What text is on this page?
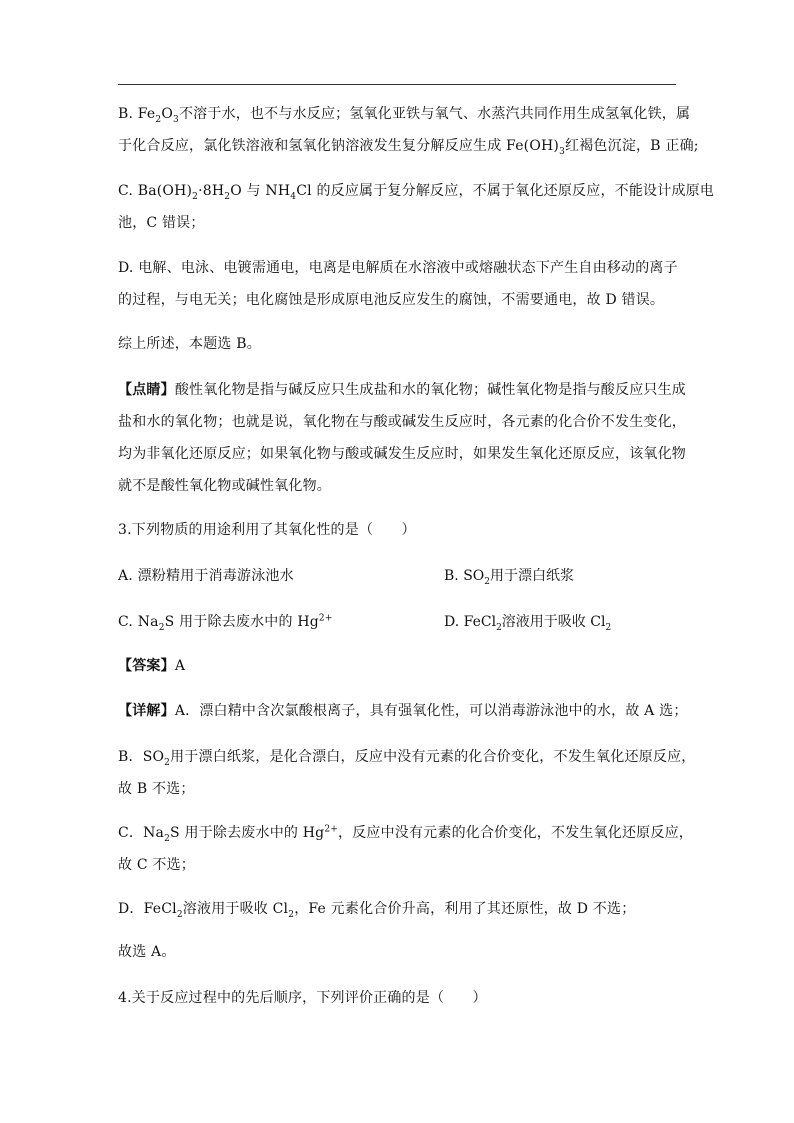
B. $Fe_2O_3$不溶于水，也不与水反应；氢氧化亚铁与氧气、水蒸汽共同作用生成氢氧化铁，属
于化合反应，氯化铁溶液和氢氧化钠溶液发生复分解反应生成 $Fe(OH)_3$红褐色沉淀，B 正确;
C. $Ba(OH)_2\cdot 8H_2O$ 与 $NH_4Cl$ 的反应属于复分解反应，不属于氧化还原反应，不能设计成原电
池，C 错误；
D. 电解、电泳、电镀需通电，电离是电解质在水溶液中或熔融状态下产生自由移动的离子
的过程，与电无关；电化腐蚀是形成原电池反应发生的腐蚀，不需要通电，故 D 错误。
综上所述，本题选 B。
【点睛】酸性氧化物是指与碱反应只生成盐和水的氧化物；碱性氧化物是指与酸反应只生成
盐和水的氧化物；也就是说，氧化物在与酸或碱发生反应时，各元素的化合价不发生变化，
均为非氧化还原反应；如果氧化物与酸或碱发生反应时，如果发生氧化还原反应，该氧化物
就不是酸性氧化物或碱性氧化物。
3.下列物质的用途利用了其氧化性的是（　　）
A. 漂粉精用于消毒游泳池水	B. $SO_2$用于漂白纸浆
C. $Na_2S$ 用于除去废水中的 $Hg^{2+}$	D. FeCl$_2$溶液用于吸收 $Cl_2$
【答案】A
【详解】A．漂白精中含次氯酸根离子，具有强氧化性，可以消毒游泳池中的水，故 A 选；
B．$SO_2$用于漂白纸浆，是化合漂白，反应中没有元素的化合价变化，不发生氧化还原反应，
故 B 不选；
C．$Na_2S$ 用于除去废水中的 $Hg^{2+}$，反应中没有元素的化合价变化，不发生氧化还原反应，
故 C 不选；
D．FeCl$_2$溶液用于吸收 $Cl_2$，Fe 元素化合价升高，利用了其还原性，故 D 不选；
故选 A。
4.关于反应过程中的先后顺序，下列评价正确的是（　　）
